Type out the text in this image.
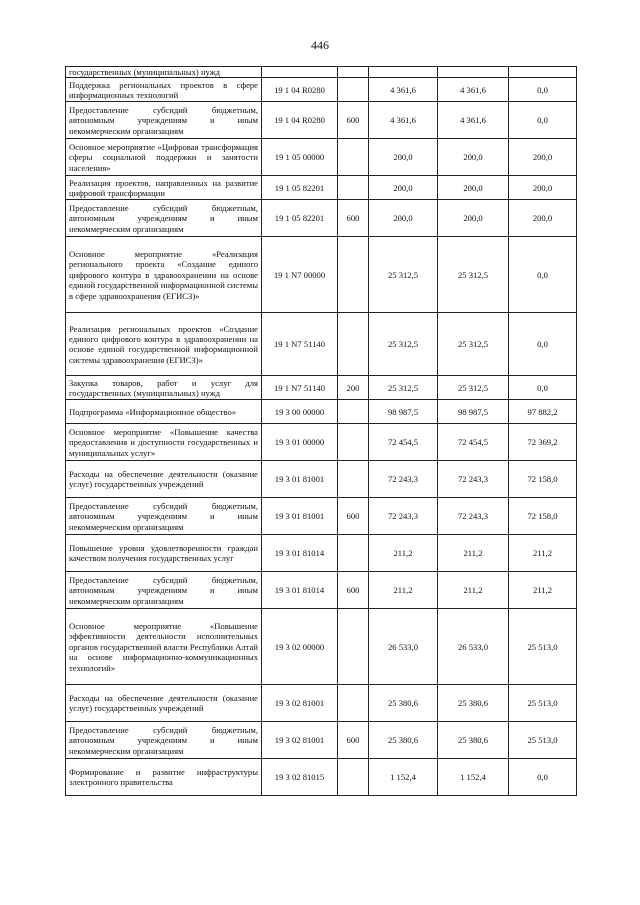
446
государственных (муниципальных) нужд					
Поддержка региональных проектов в сфере информационных технологий	19 1 04 R0280		4 361,6	4 361,6	0,0
Предоставление субсидий бюджетным, автономным учреждениям и иным некоммерческим организациям	19 1 04 R0280	600	4 361,6	4 361,6	0,0
Основное мероприятие «Цифровая трансформация сферы социальной поддержки и занятости населения»	19 1 05 00000		200,0	200,0	200,0
Реализация проектов, направленных на развитие цифровой трансформации	19 1 05 82201		200,0	200,0	200,0
Предоставление субсидий бюджетным, автономным учреждениям и иным некоммерческим организациям	19 1 05 82201	600	200,0	200,0	200,0
Основное мероприятие «Реализация регионального проекта «Создание единого цифрового контура в здравоохранении на основе единой государственной информационной системы в сфере здравоохранения (ЕГИСЗ)»	19 1 N7 00000		25 312,5	25 312,5	0,0
Реализация региональных проектов «Создание единого цифрового контура в здравоохранении на основе единой государственной информационной системы здравоохранения (ЕГИСЗ)»	19 1 N7 51140		25 312,5	25 312,5	0,0
Закупка товаров, работ и услуг для государственных (муниципальных) нужд	19 1 N7 51140	200	25 312,5	25 312,5	0,0
Подпрограмма «Информационное общество»	19 3 00 00000		98 987,5	98 987,5	97 882,2
Основное мероприятие «Повышение качества предоставления и доступности государственных и муниципальных услуг»	19 3 01 00000		72 454,5	72 454,5	72 369,2
Расходы на обеспечение деятельности (оказание услуг) государственных учреждений	19 3 01 81001		72 243,3	72 243,3	72 158,0
Предоставление субсидий бюджетным, автономным учреждениям и иным некоммерческим организациям	19 3 01 81001	600	72 243,3	72 243,3	72 158,0
Повышение уровня удовлетворенности граждан качеством получения государственных услуг	19 3 01 81014		211,2	211,2	211,2
Предоставление субсидий бюджетным, автономным учреждениям и иным некоммерческим организациям	19 3 01 81014	600	211,2	211,2	211,2
Основное мероприятие «Повышение эффективности деятельности исполнительных органов государственной власти Республики Алтай на основе информационно-коммуникационных технологий»	19 3 02 00000		26 533,0	26 533,0	25 513,0
Расходы на обеспечение деятельности (оказание услуг) государственных учреждений	19 3 02 81001		25 380,6	25 380,6	25 513,0
Предоставление субсидий бюджетным, автономным учреждениям и иным некоммерческим организациям	19 3 02 81001	600	25 380,6	25 380,6	25 513,0
Формирование и развитие инфраструктуры электронного правительства	19 3 02 81015		1 152,4	1 152,4	0,0
